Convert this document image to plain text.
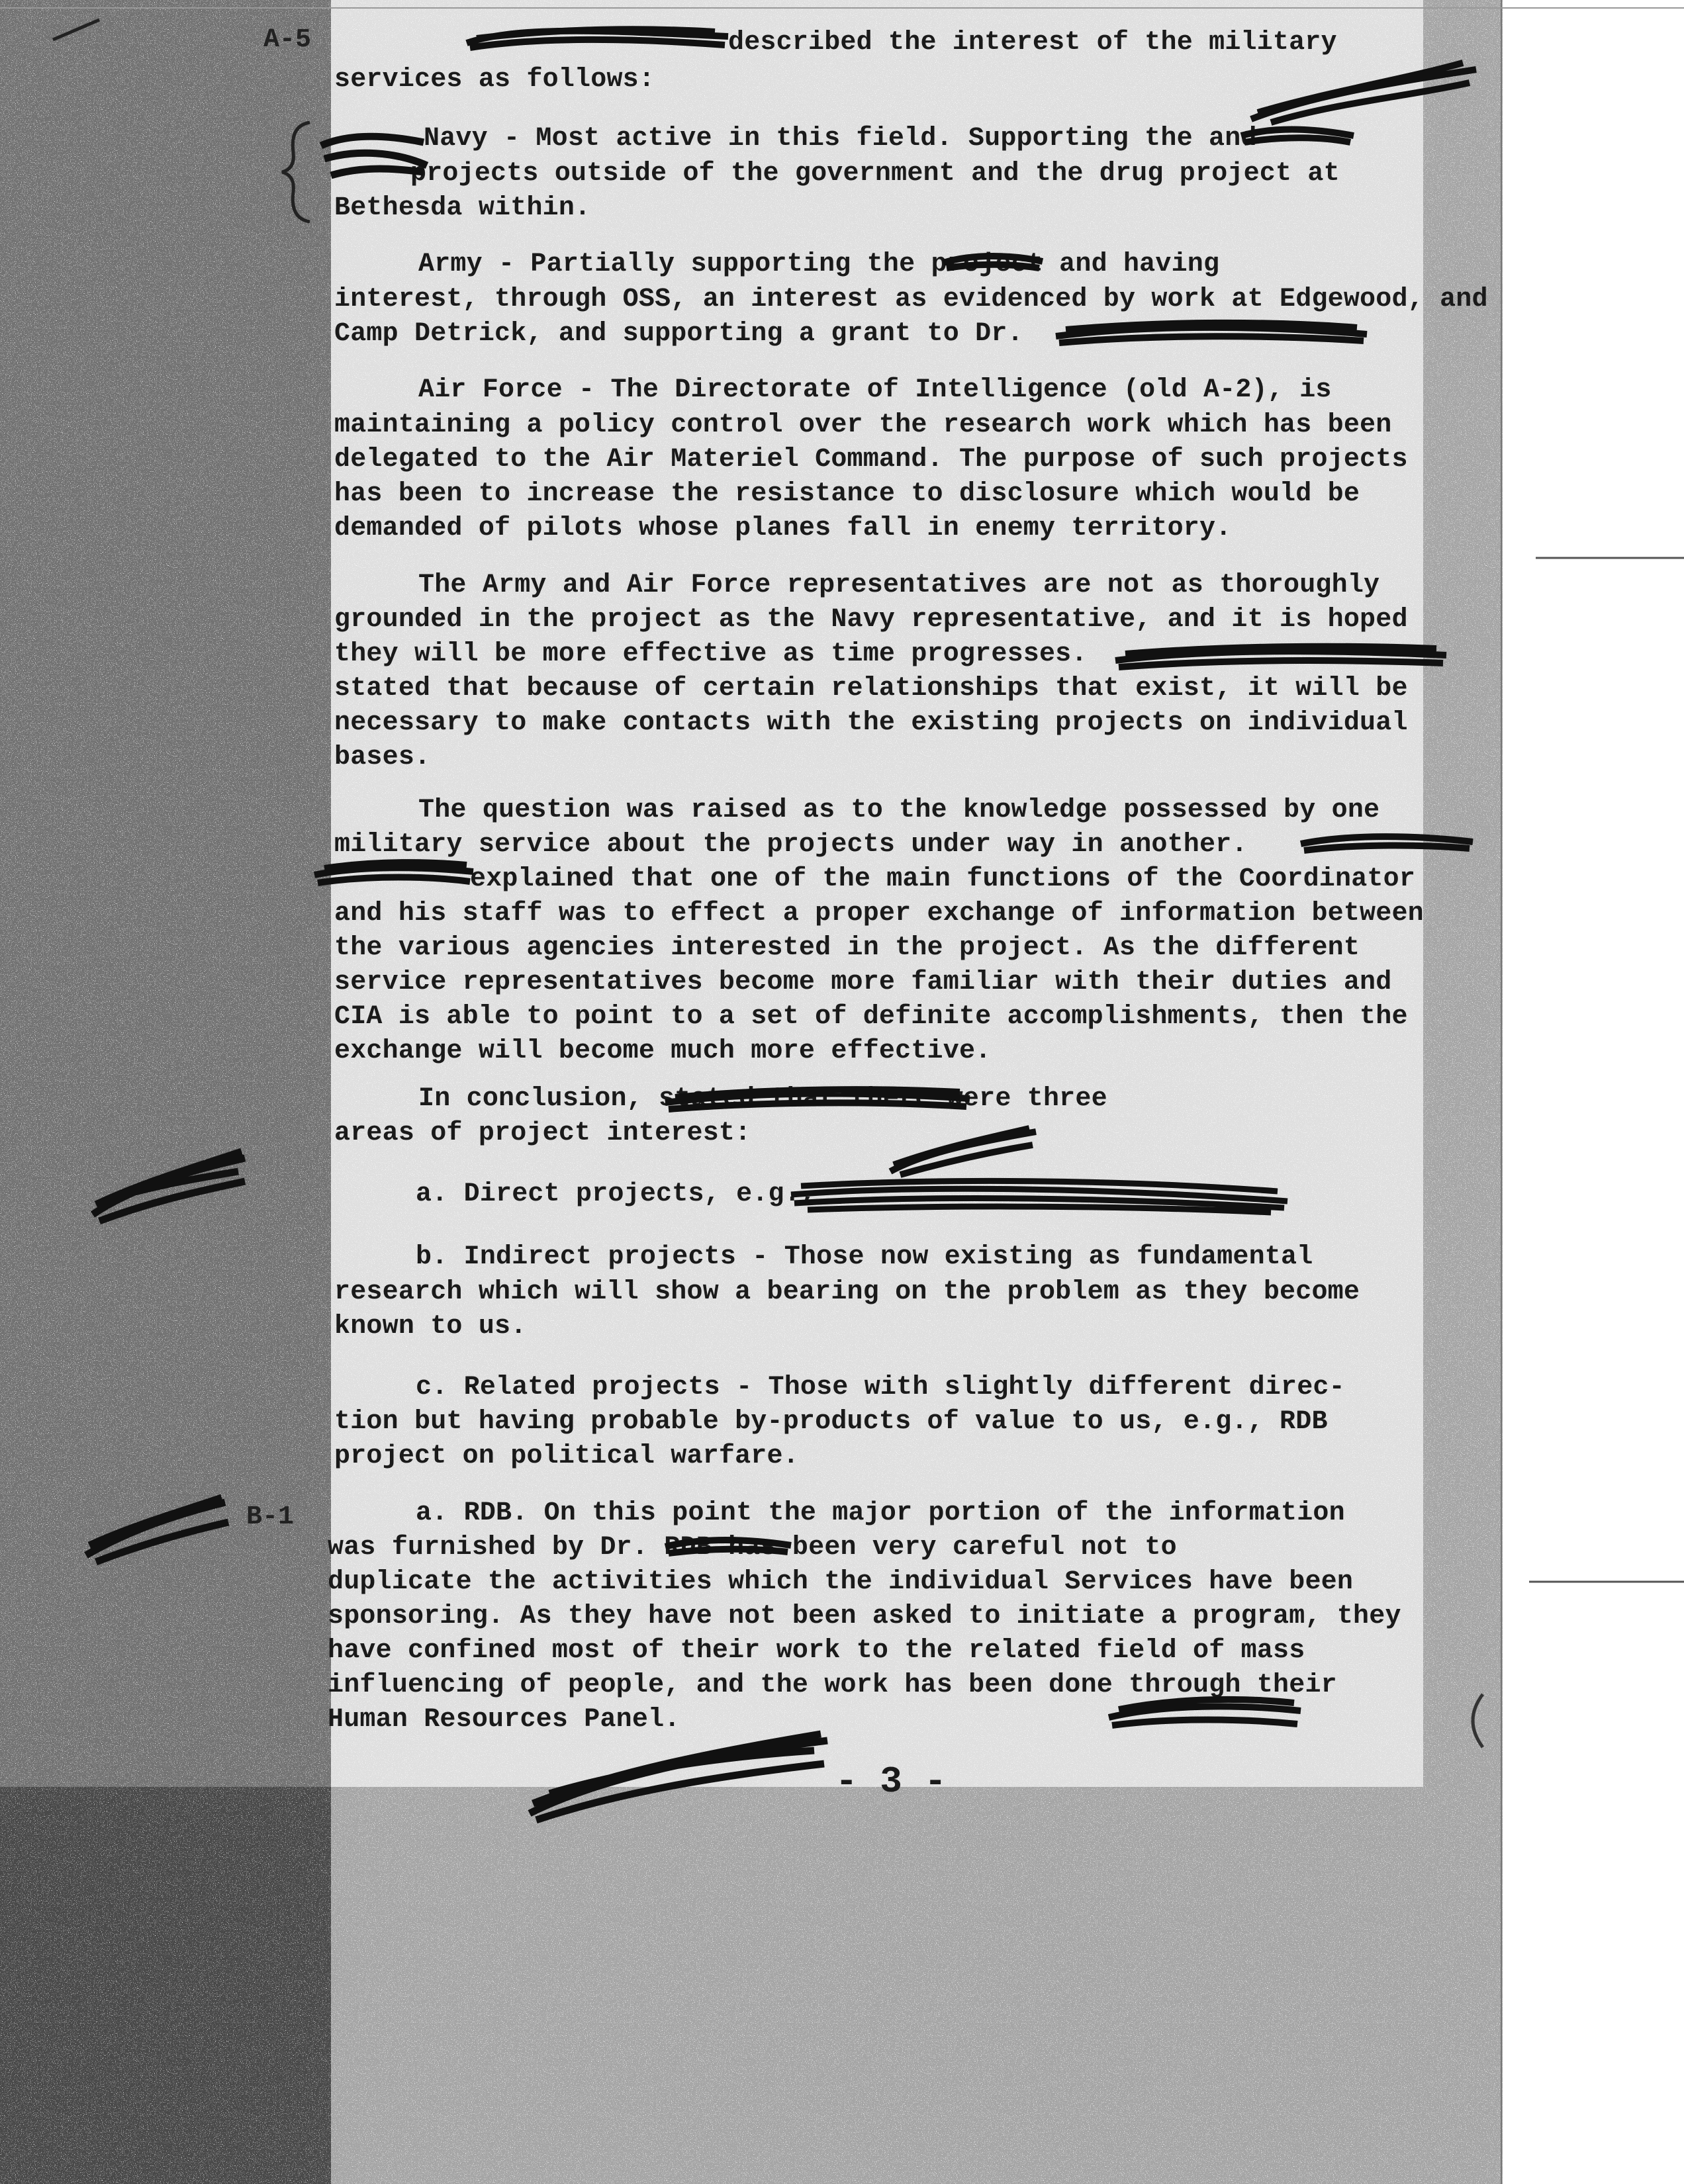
A-5
B-1
described the interest of the military
services as follows:
Navy - Most active in this field. Supporting the and
projects outside of the government and the drug project at
Bethesda within.
Army - Partially supporting the project and having
interest, through OSS, an interest as evidenced by work at Edgewood, and
Camp Detrick, and supporting a grant to Dr.
Air Force - The Directorate of Intelligence (old A-2), is
maintaining a policy control over the research work which has been
delegated to the Air Materiel Command. The purpose of such projects
has been to increase the resistance to disclosure which would be
demanded of pilots whose planes fall in enemy territory.
The Army and Air Force representatives are not as thoroughly
grounded in the project as the Navy representative, and it is hoped
they will be more effective as time progresses.
stated that because of certain relationships that exist, it will be
necessary to make contacts with the existing projects on individual
bases.
The question was raised as to the knowledge possessed by one
military service about the projects under way in another.
explained that one of the main functions of the Coordinator
and his staff was to effect a proper exchange of information between
the various agencies interested in the project. As the different
service representatives become more familiar with their duties and
CIA is able to point to a set of definite accomplishments, then the
exchange will become much more effective.
In conclusion, stated that there were three
areas of project interest:
a. Direct projects, e.g.,
b. Indirect projects - Those now existing as fundamental
research which will show a bearing on the problem as they become
known to us.
c. Related projects - Those with slightly different direc-
tion but having probable by-products of value to us, e.g., RDB
project on political warfare.
a. RDB. On this point the major portion of the information
was furnished by Dr. RDB has been very careful not to
duplicate the activities which the individual Services have been
sponsoring. As they have not been asked to initiate a program, they
have confined most of their work to the related field of mass
influencing of people, and the work has been done through their
Human Resources Panel.
- 3 -
